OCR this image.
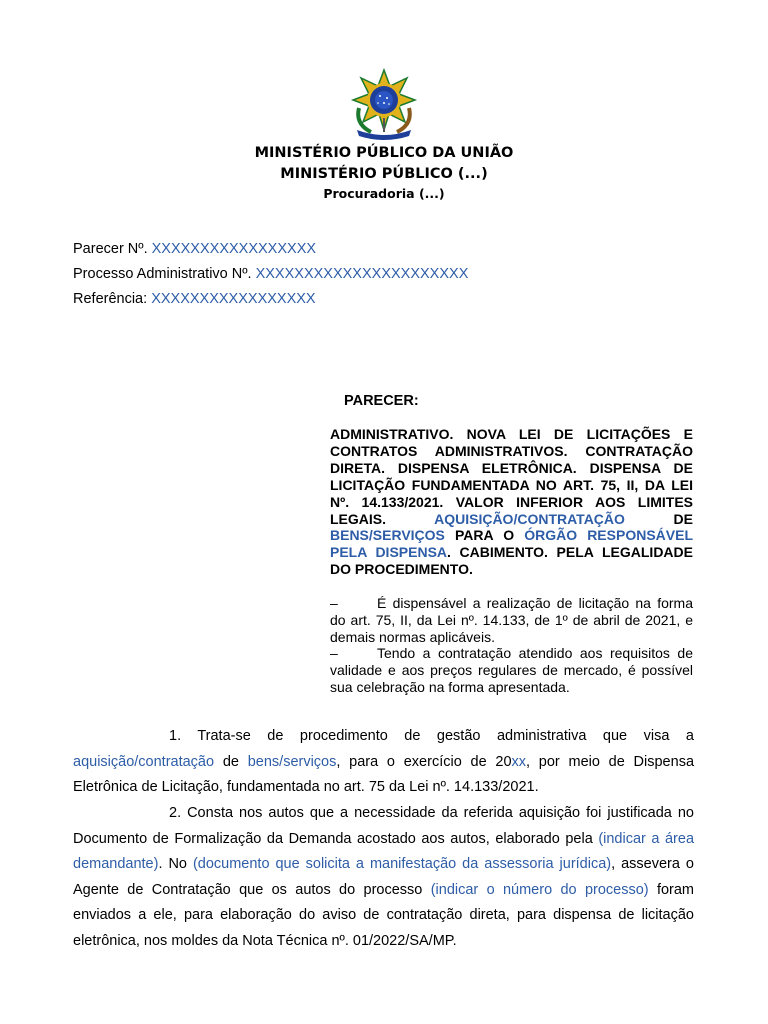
MINISTÉRIO PÚBLICO DA UNIÃO
MINISTÉRIO PÚBLICO (...)
Procuradoria (...)
Parecer Nº. XXXXXXXXXXXXXXXXX
Processo Administrativo Nº. XXXXXXXXXXXXXXXXXXXXXX
Referência: XXXXXXXXXXXXXXXXX
PARECER:
ADMINISTRATIVO. NOVA LEI DE LICITAÇÕES E CONTRATOS ADMINISTRATIVOS. CONTRATAÇÃO DIRETA. DISPENSA ELETRÔNICA. DISPENSA DE LICITAÇÃO FUNDAMENTADA NO ART. 75, II, DA LEI Nº. 14.133/2021. VALOR INFERIOR AOS LIMITES LEGAIS. AQUISIÇÃO/CONTRATAÇÃO DE BENS/SERVIÇOS PARA O ÓRGÃO RESPONSÁVEL PELA DISPENSA. CABIMENTO. PELA LEGALIDADE DO PROCEDIMENTO.
–	É dispensável a realização de licitação na forma do art. 75, II, da Lei nº. 14.133, de 1º de abril de 2021, e demais normas aplicáveis.
–	Tendo a contratação atendido aos requisitos de validade e aos preços regulares de mercado, é possível sua celebração na forma apresentada.
1. Trata-se de procedimento de gestão administrativa que visa a aquisição/contratação de bens/serviços, para o exercício de 20xx, por meio de Dispensa Eletrônica de Licitação, fundamentada no art. 75 da Lei nº. 14.133/2021.
2. Consta nos autos que a necessidade da referida aquisição foi justificada no Documento de Formalização da Demanda acostado aos autos, elaborado pela (indicar a área demandante). No (documento que solicita a manifestação da assessoria jurídica), assevera o Agente de Contratação que os autos do processo (indicar o número do processo) foram enviados a ele, para elaboração do aviso de contratação direta, para dispensa de licitação eletrônica, nos moldes da Nota Técnica nº. 01/2022/SA/MP.
